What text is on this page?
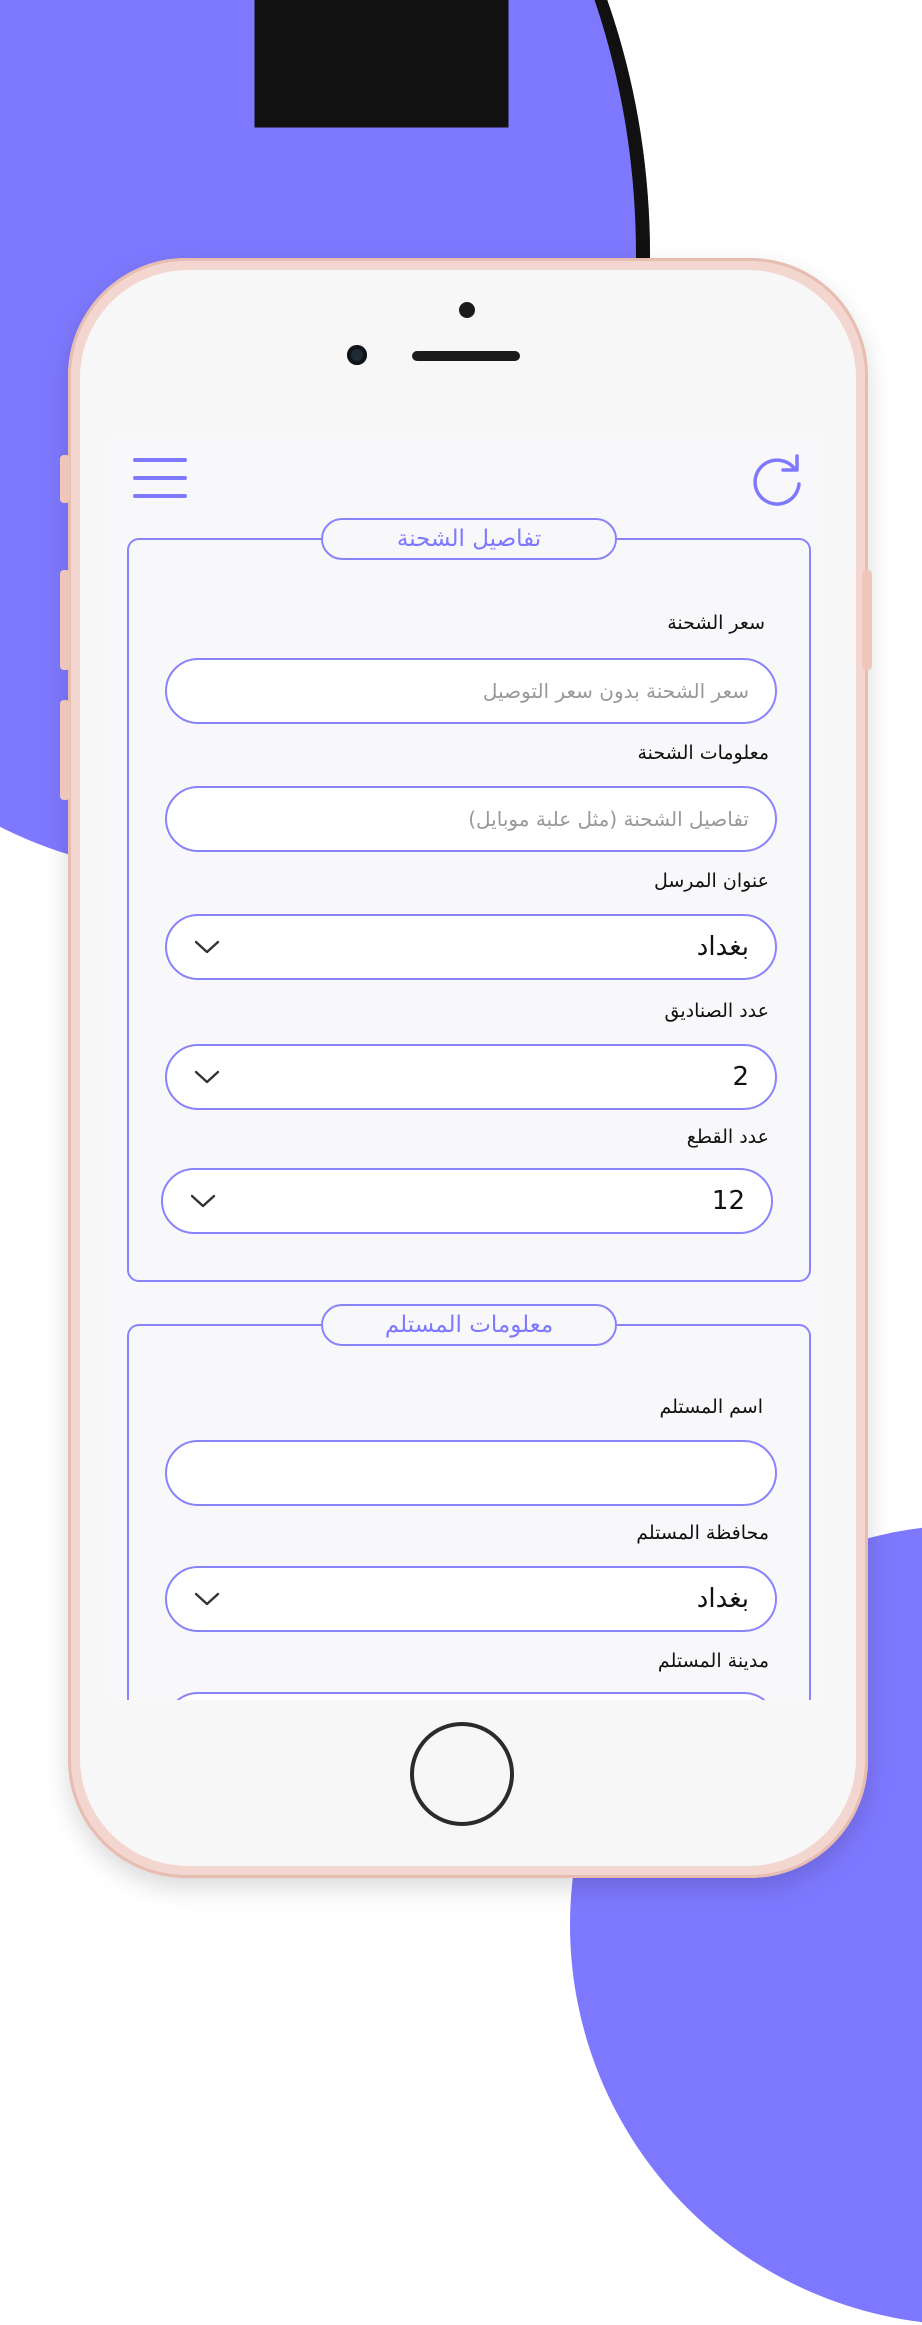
تفاصيل الشحنة
سعر الشحنة
سعر الشحنة بدون سعر التوصيل
معلومات الشحنة
تفاصيل الشحنة (مثل علبة موبايل)
عنوان المرسل
بغداد
عدد الصناديق
2
عدد القطع
12
معلومات المستلم
اسم المستلم
محافظة المستلم
بغداد
مدينة المستلم
